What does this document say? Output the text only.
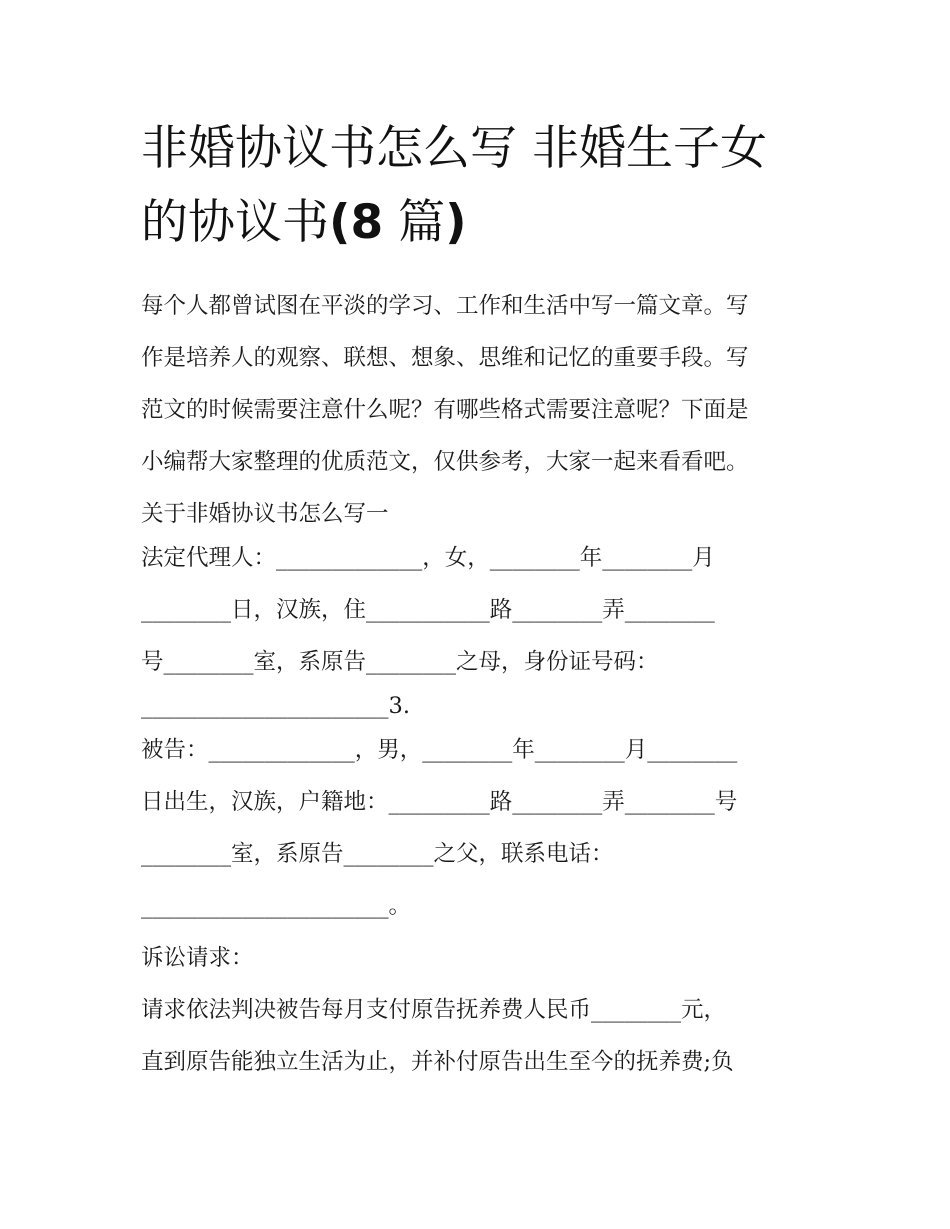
非婚协议书怎么写 非婚生子女
的协议书(8 篇)
每个人都曾试图在平淡的学习、工作和生活中写一篇文章。写
作是培养人的观察、联想、想象、思维和记忆的重要手段。写
范文的时候需要注意什么呢？有哪些格式需要注意呢？下面是
小编帮大家整理的优质范文，仅供参考，大家一起来看看吧。
关于非婚协议书怎么写一
法定代理人：_____________，女，________年________月
________日，汉族，住___________路________弄________
号________室，系原告________之母，身份证号码：
______________________3.
被告：_____________，男，________年________月________
日出生，汉族，户籍地：_________路________弄________号
________室，系原告________之父，联系电话：
______________________。
诉讼请求：
请求依法判决被告每月支付原告抚养费人民币________元，
直到原告能独立生活为止，并补付原告出生至今的抚养费;负
